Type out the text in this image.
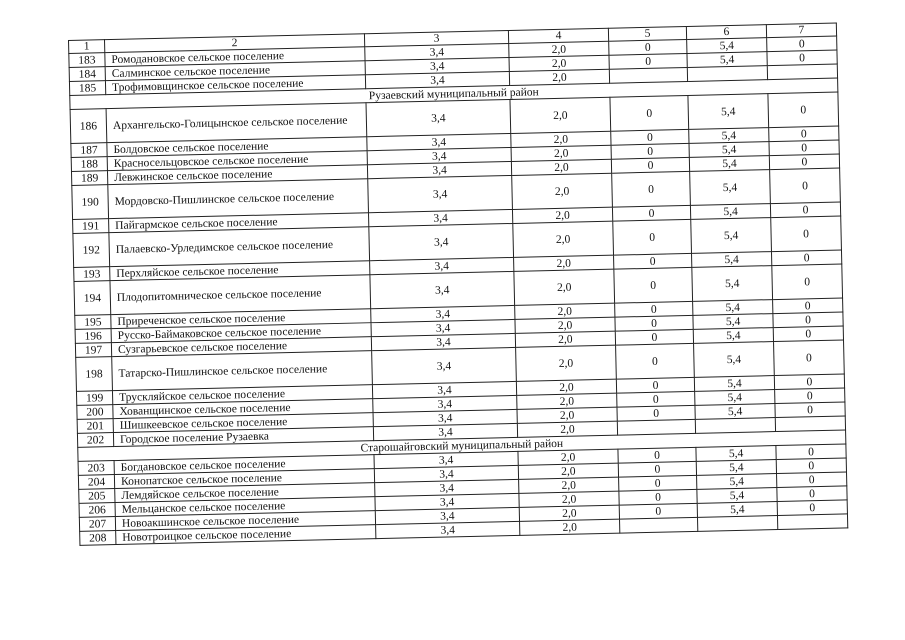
1	2	3	4	5	6	7
183	Ромодановское сельское поселение	3,4	2,0	0	5,4	0
184	Салминское сельское поселение	3,4	2,0	0	5,4	0
185	Трофимовщинское сельское поселение	3,4	2,0			
Рузаевский муниципальный район						
186	Архангельско-Голицынское сельское поселение	3,4	2,0	0	5,4	0
187	Болдовское сельское поселение	3,4	2,0	0	5,4	0
188	Красносельцовское сельское поселение	3,4	2,0	0	5,4	0
189	Левжинское сельское поселение	3,4	2,0	0	5,4	0
190	Мордовско-Пишлинское сельское поселение	3,4	2,0	0	5,4	0
191	Пайгармское сельское поселение	3,4	2,0	0	5,4	0
192	Палаевско-Урледимское сельское поселение	3,4	2,0	0	5,4	0
193	Перхляйское сельское поселение	3,4	2,0	0	5,4	0
194	Плодопитомническое сельское поселение	3,4	2,0	0	5,4	0
195	Приреченское сельское поселение	3,4	2,0	0	5,4	0
196	Русско-Баймаковское сельское поселение	3,4	2,0	0	5,4	0
197	Сузгарьевское сельское поселение	3,4	2,0	0	5,4	0
198	Татарско-Пишлинское сельское поселение	3,4	2,0	0	5,4	0
199	Трускляйское сельское поселение	3,4	2,0	0	5,4	0
200	Хованщинское сельское поселение	3,4	2,0	0	5,4	0
201	Шишкеевское сельское поселение	3,4	2,0	0	5,4	0
202	Городское поселение Рузаевка	3,4	2,0			
Старошайговский муниципальный район						
203	Богдановское сельское поселение	3,4	2,0	0	5,4	0
204	Конопатское сельское поселение	3,4	2,0	0	5,4	0
205	Лемдяйское сельское поселение	3,4	2,0	0	5,4	0
206	Мельцанское сельское поселение	3,4	2,0	0	5,4	0
207	Новоакшинское сельское поселение	3,4	2,0	0	5,4	0
208	Новотроицкое сельское поселение	3,4	2,0			
